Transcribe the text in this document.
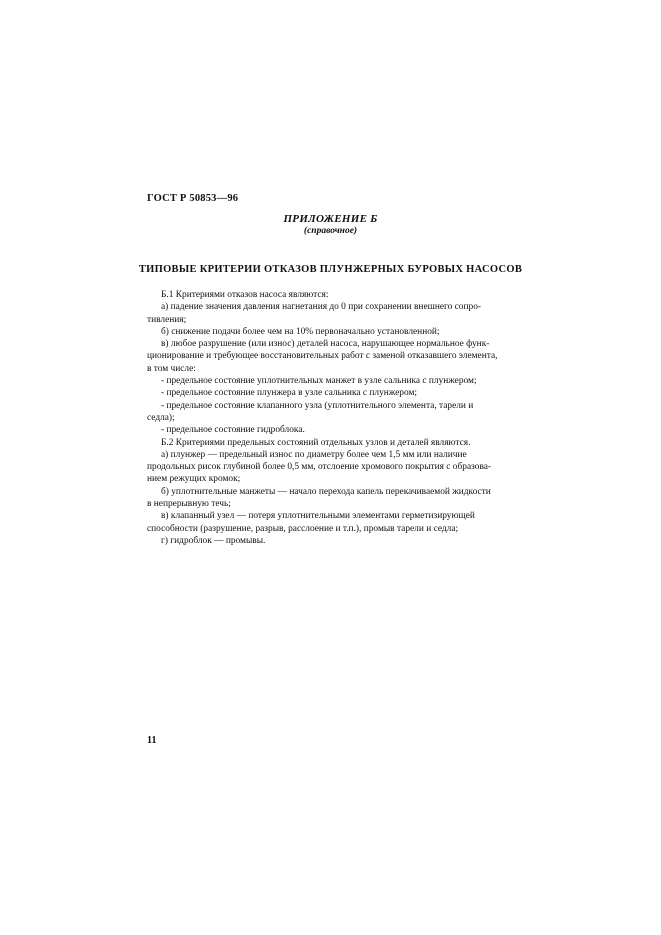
ГОСТ Р 50853—96
ПРИЛОЖЕНИЕ Б
(справочное)
ТИПОВЫЕ КРИТЕРИИ ОТКАЗОВ ПЛУНЖЕРНЫХ БУРОВЫХ НАСОСОВ

Б.1 Критериями отказов насоса являются:

а) падение значения давления нагнетания до 0 при сохранении внешнего сопро-

тивления;

б) снижение подачи более чем на 10% первоначально установленной;

в) любое разрушение (или износ) деталей насоса, нарушающее нормальное функ-

ционирование и требующее восстановительных работ с заменой отказавшего элемента,

в том числе:

- предельное состояние уплотнительных манжет в узле сальника с плунжером;

- предельное состояние плунжера в узле сальника с плунжером;

- предельное состояние клапанного узла (уплотнительного элемента, тарели и

седла);

- предельное состояние гидроблока.

Б.2 Критериями предельных состояний отдельных узлов и деталей являются.

а) плунжер — предельный износ по диаметру более чем 1,5 мм или наличие

продольных рисок глубиной более 0,5 мм, отслоение хромового покрытия с образова-

нием режущих кромок;

б) уплотнительные манжеты — начало перехода капель перекачиваемой жидкости

в непрерывную течь;

в) клапанный узел — потеря уплотнительными элементами герметизирующей

способности (разрушение, разрыв, расслоение и т.п.), промыв тарели и седла;

г) гидроблок — промывы.

11
